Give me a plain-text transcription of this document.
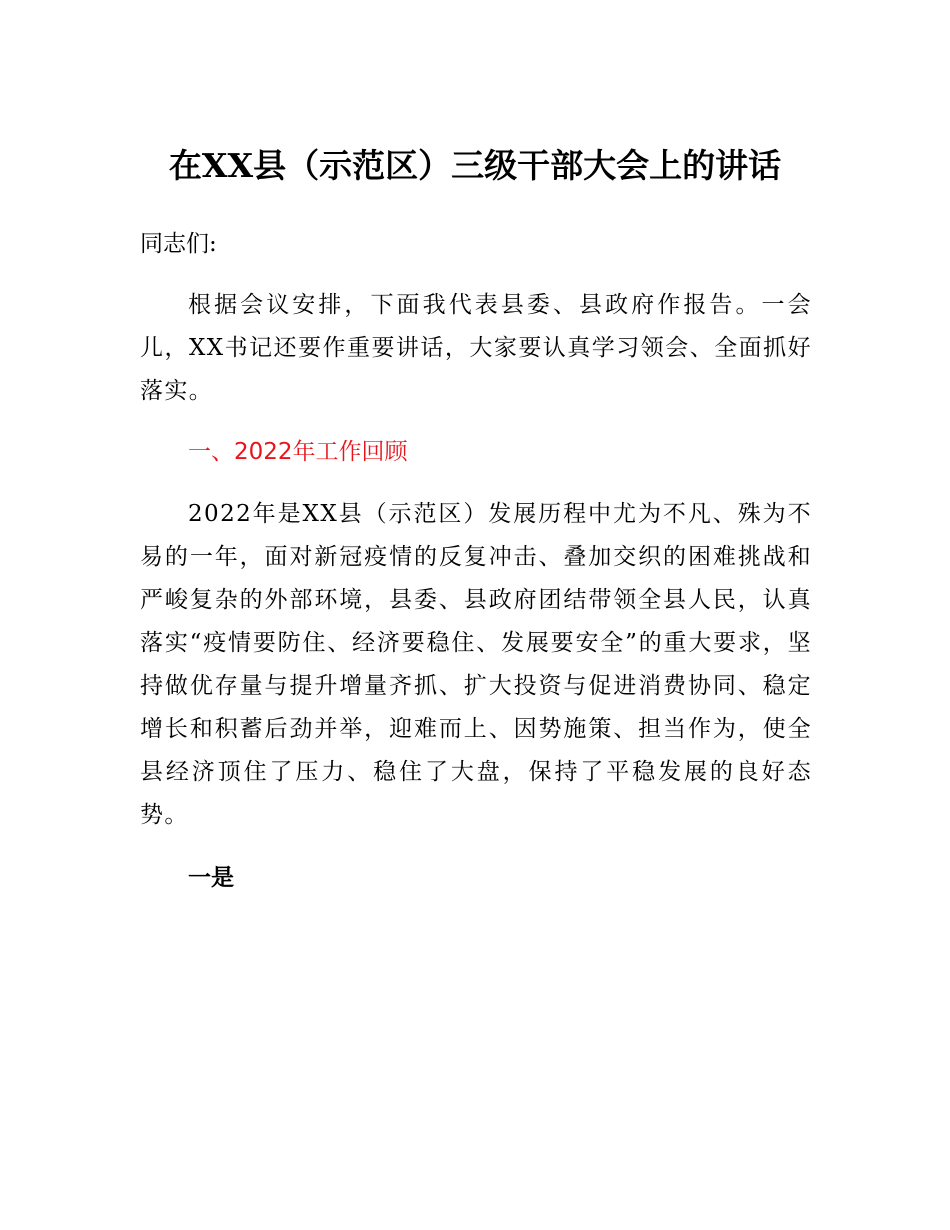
在XX县（示范区）三级干部大会上的讲话
同志们:
根据会议安排，下面我代表县委、县政府作报告。一会儿，XX书记还要作重要讲话，大家要认真学习领会、全面抓好落实。
一、2022年工作回顾
2022年是XX县（示范区）发展历程中尤为不凡、殊为不易的一年，面对新冠疫情的反复冲击、叠加交织的困难挑战和严峻复杂的外部环境，县委、县政府团结带领全县人民，认真落实“疫情要防住、经济要稳住、发展要安全”的重大要求，坚持做优存量与提升增量齐抓、扩大投资与促进消费协同、稳定增长和积蓄后劲并举，迎难而上、因势施策、担当作为，使全县经济顶住了压力、稳住了大盘，保持了平稳发展的良好态势。
一是
